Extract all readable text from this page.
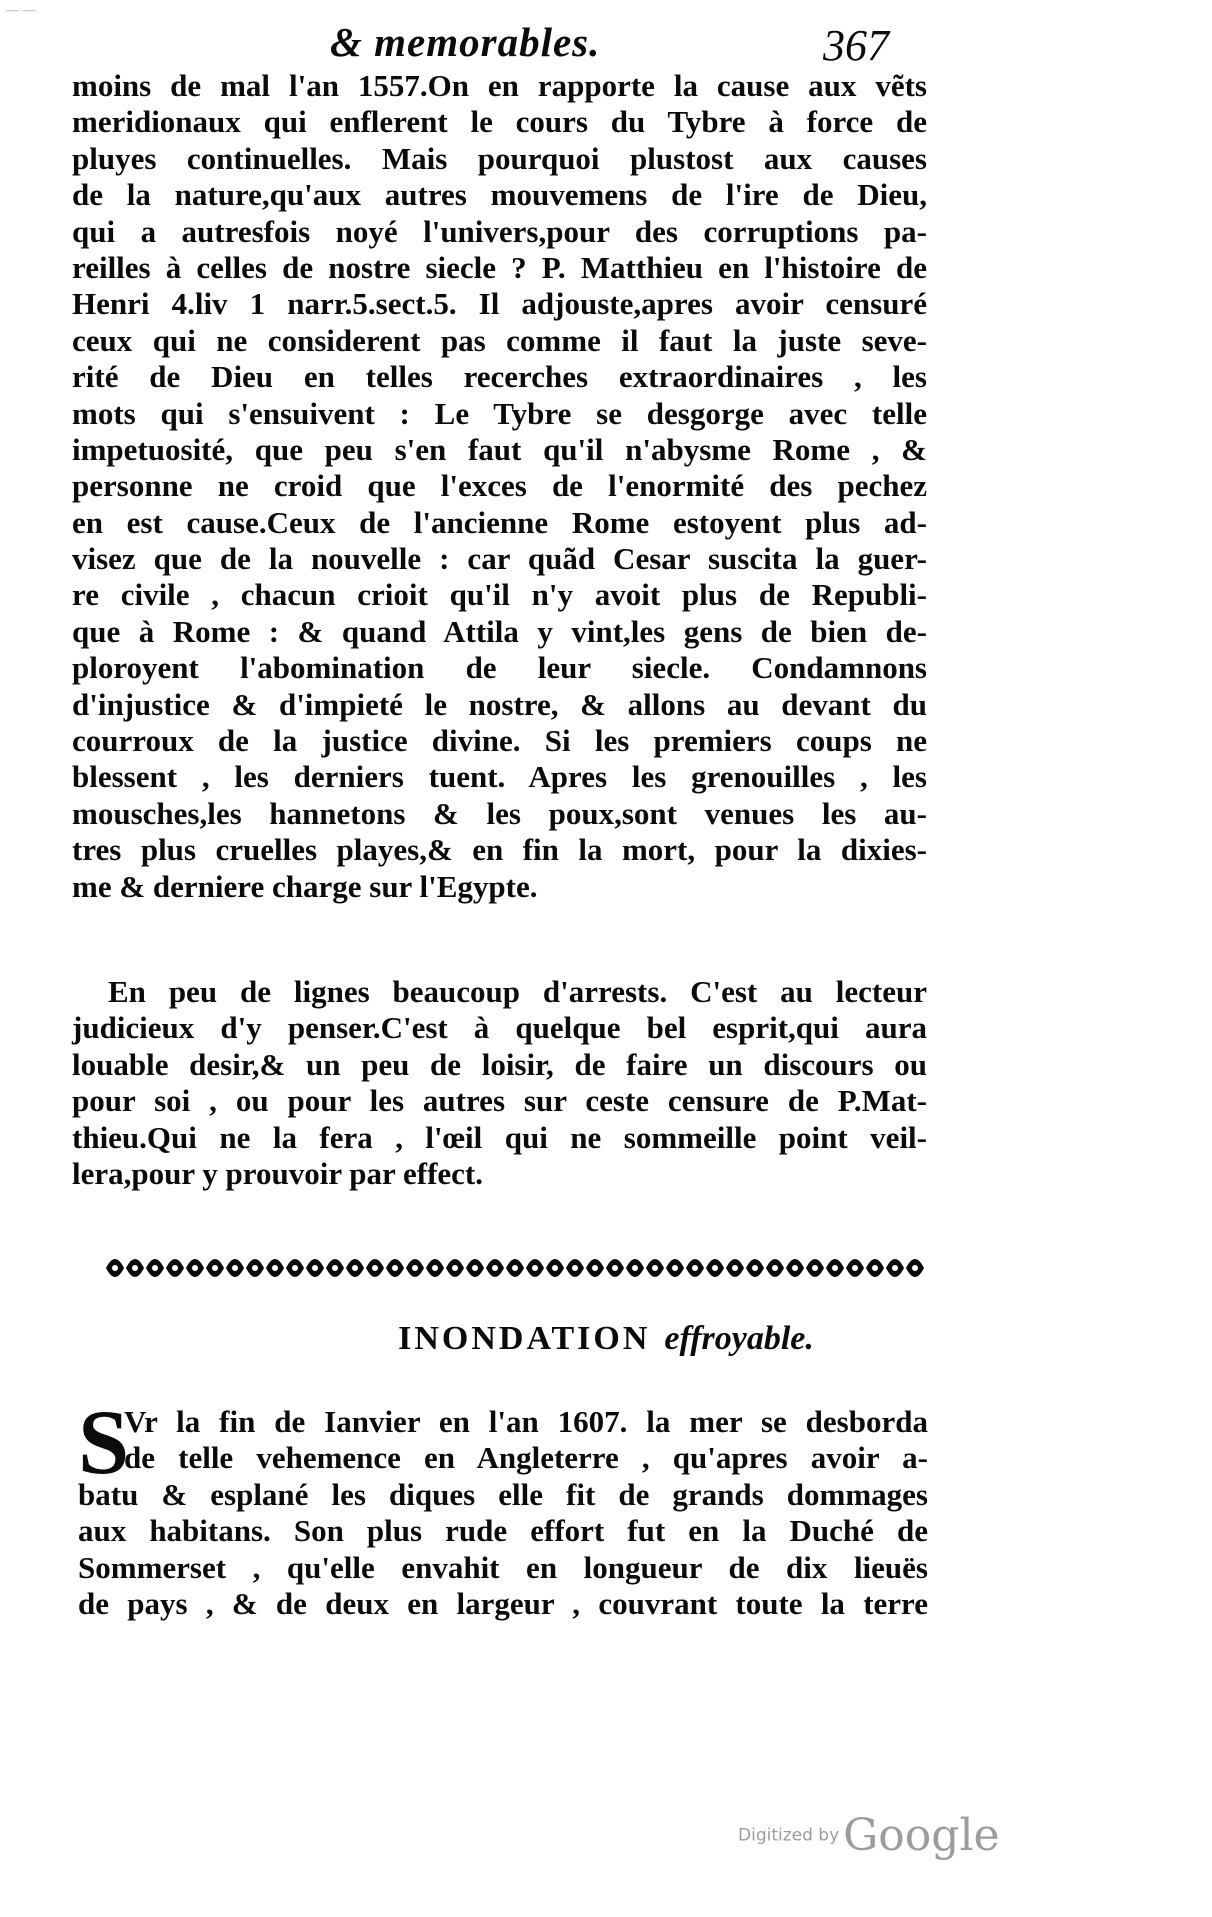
___ ___
& memorables.	367
moins de mal l'an 1557.On en rapporte la cause aux vẽts
meridionaux qui enflerent le cours du Tybre à force de
pluyes continuelles. Mais pourquoi plustost aux causes
de la nature,qu'aux autres mouvemens de l'ire de Dieu,
qui a autresfois noyé l'univers,pour des corruptions pa-
reilles à celles de nostre siecle ? P. Matthieu en l'histoire de
Henri 4.liv 1 narr.5.sect.5. Il adjouste,apres avoir censuré
ceux qui ne considerent pas comme il faut la juste seve-
rité de Dieu en telles recerches extraordinaires , les
mots qui s'ensuivent : Le Tybre se desgorge avec telle
impetuosité, que peu s'en faut qu'il n'abysme Rome , &
personne ne croid que l'exces de l'enormité des pechez
en est cause.Ceux de l'ancienne Rome estoyent plus ad-
visez que de la nouvelle : car quãd Cesar suscita la guer-
re civile , chacun crioit qu'il n'y avoit plus de Republi-
que à Rome : & quand Attila y vint,les gens de bien de-
ploroyent l'abomination de leur siecle. Condamnons
d'injustice & d'impieté le nostre, & allons au devant du
courroux de la justice divine. Si les premiers coups ne
blessent , les derniers tuent. Apres les grenouilles , les
mousches,les hannetons & les poux,sont venues les au-
tres plus cruelles playes,& en fin la mort, pour la dixies-
me & derniere charge sur l'Egypte.
En peu de lignes beaucoup d'arrests. C'est au lecteur
judicieux d'y penser.C'est à quelque bel esprit,qui aura
louable desir,& un peu de loisir, de faire un discours ou
pour soi , ou pour les autres sur ceste censure de P.Mat-
thieu.Qui ne la fera , l'œil qui ne sommeille point veil-
lera,pour y prouvoir par effect.
INONDATION effroyable.
S
Vr la fin de Ianvier en l'an 1607. la mer se desborda
de telle vehemence en Angleterre , qu'apres avoir a-
batu & esplané les diques elle fit de grands dommages
aux habitans. Son plus rude effort fut en la Duché de
Sommerset , qu'elle envahit en longueur de dix lieuës
de pays , & de deux en largeur , couvrant toute la terre
Digitized by Google
